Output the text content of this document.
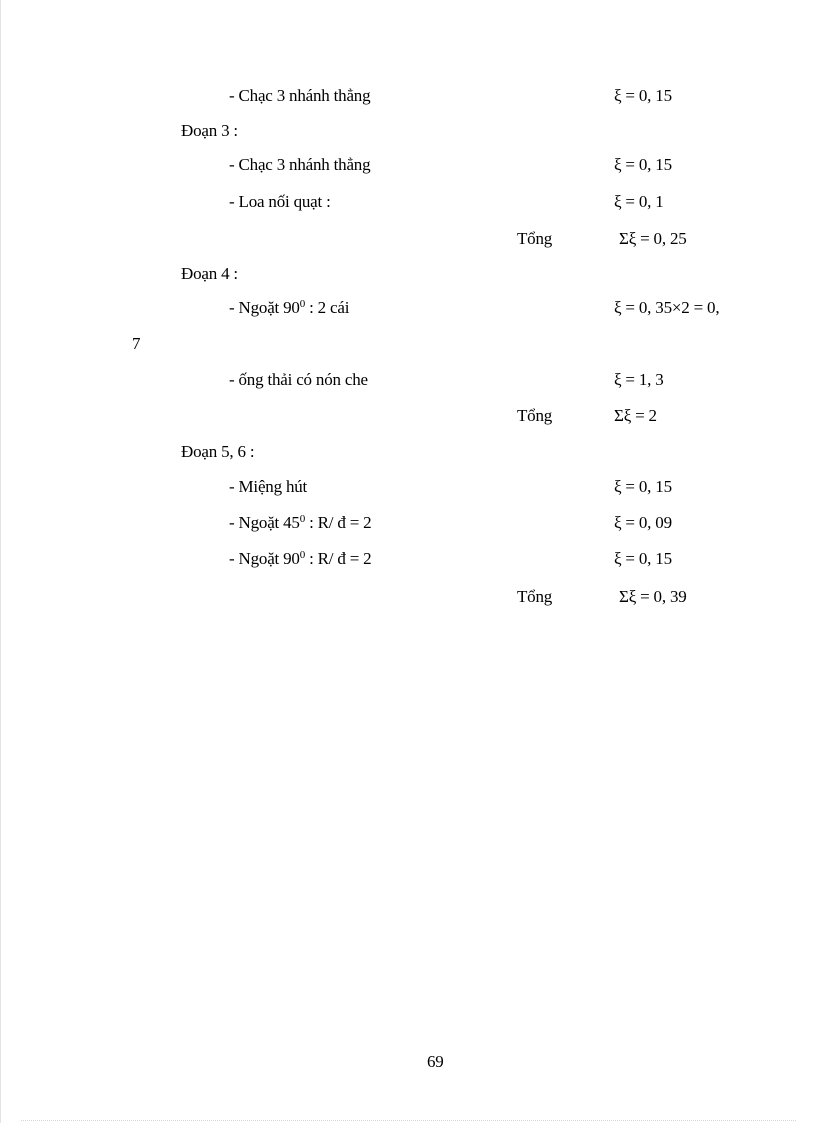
- Chạc 3 nhánh thẳng	ξ = 0, 15
Đoạn 3 :
- Chạc 3 nhánh thẳng	ξ = 0, 15
- Loa nối quạt :	ξ = 0, 1
Tổng	Σξ = 0, 25
Đoạn 4 :
- Ngoặt $90^0$ : 2 cái	ξ = 0, 35×2 = 0,
7
- ống thải có nón che	ξ = 1, 3
Tổng	Σξ = 2
Đoạn 5, 6 :
- Miệng hút	ξ = 0, 15
- Ngoặt $45^0$ : R/ đ = 2	ξ = 0, 09
- Ngoặt $90^0$ : R/ đ = 2	ξ = 0, 15
Tổng	Σξ = 0, 39
69
